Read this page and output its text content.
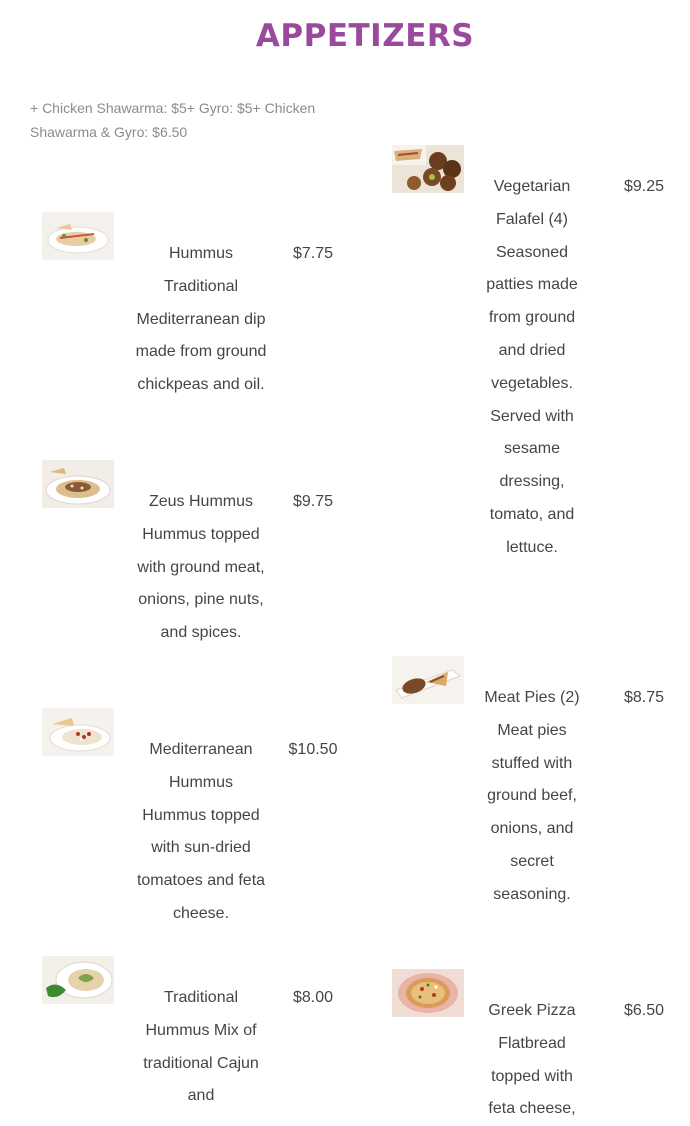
APPETIZERS

+ Chicken Shawarma: $5+ Gyro: $5+ Chicken Shawarma & Gyro: $6.50

Hummus Traditional Mediterranean dip made from ground chickpeas and oil.
$7.75
Zeus Hummus Hummus topped with ground meat, onions, pine nuts, and spices.
$9.75
Mediterranean Hummus Hummus topped with sun-dried tomatoes and feta cheese.
$10.50
Traditional Hummus Mix of traditional Cajun and
$8.00
Vegetarian Falafel (4) Seasoned patties made from ground and dried vegetables. Served with sesame dressing, tomato, and lettuce.
$9.25
Meat Pies (2) Meat pies stuffed with ground beef, onions, and secret seasoning.
$8.75
Greek Pizza Flatbread topped with feta cheese,
$6.50
